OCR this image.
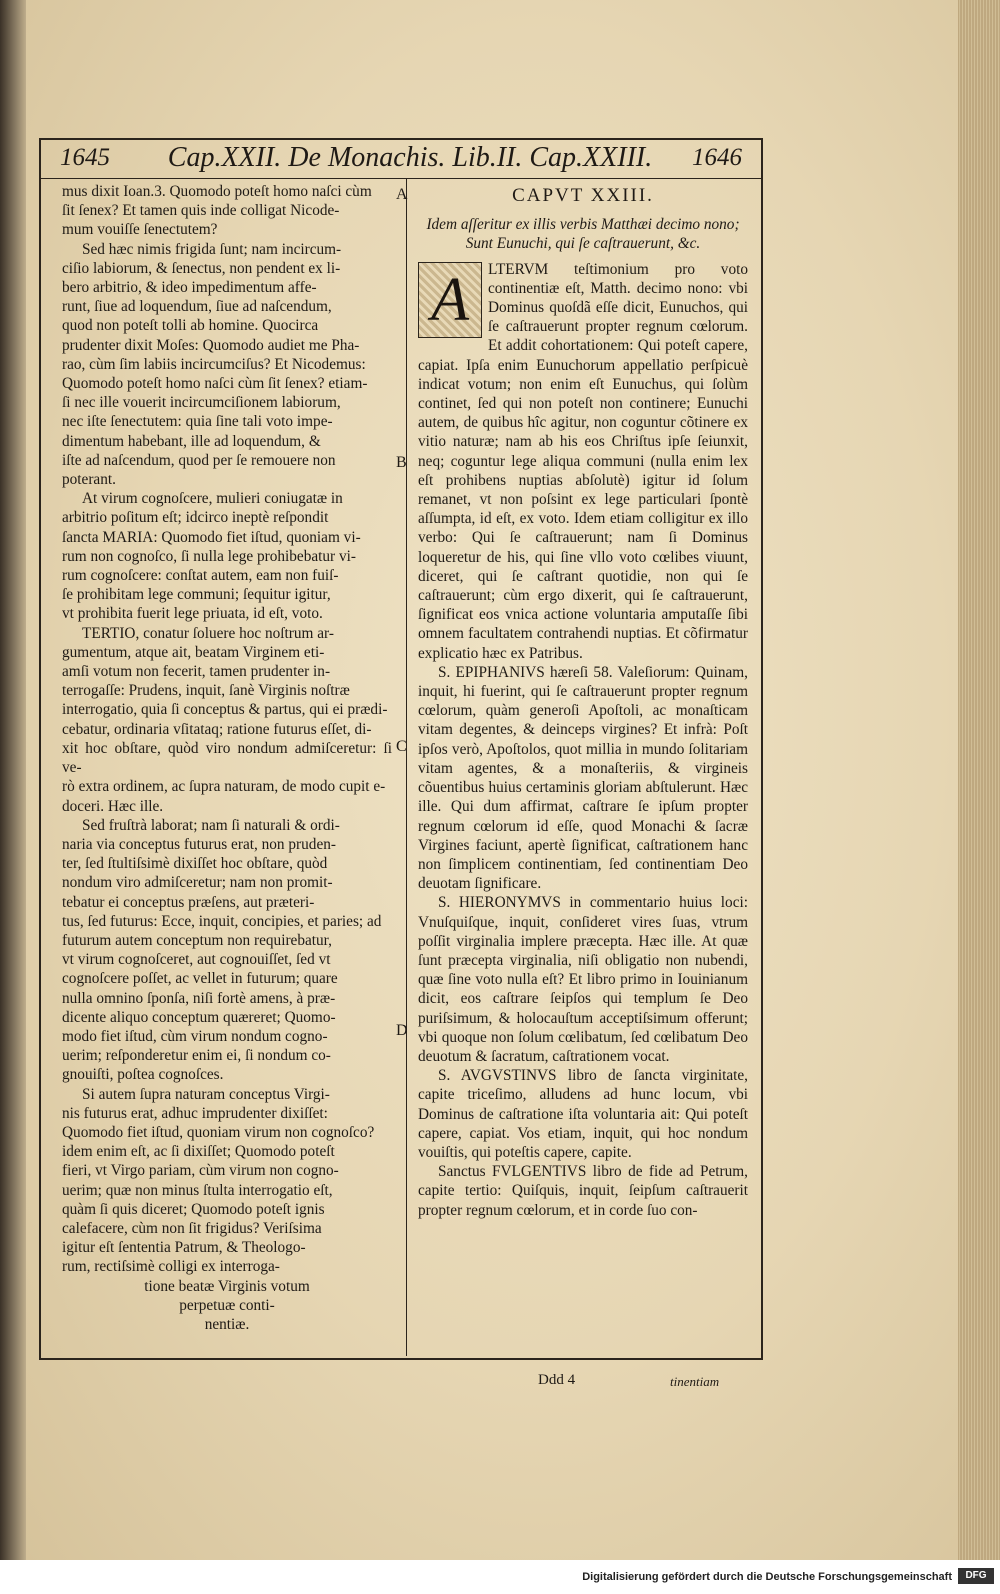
1645	Cap.XXII. De Monachis. Lib.II. Cap.XXIII.	1646

mus dixit Ioan.3. Quomodo poteſt homo naſci cùm

ſit ſenex? Et tamen quis inde colligat Nicode-

mum vouiſſe ſenectutem?

Sed hæc nimis frigida ſunt; nam incircum-

ciſio labiorum, & ſenectus, non pendent ex li-

bero arbitrio, & ideo impedimentum affe-

runt, ſiue ad loquendum, ſiue ad naſcendum,

quod non poteſt tolli ab homine. Quocirca

prudenter dixit Moſes: Quomodo audiet me Pha-

rao, cùm ſim labiis incircumciſus? Et Nicodemus:

Quomodo poteſt homo naſci cùm ſit ſenex? etiam-

ſi nec ille vouerit incircumciſionem labiorum,

nec iſte ſenectutem: quia ſine tali voto impe-

dimentum habebant, ille ad loquendum, &

iſte ad naſcendum, quod per ſe remouere non

poterant.

At virum cognoſcere, mulieri coniugatæ in

arbitrio poſitum eſt; idcirco ineptè reſpondit

ſancta MARIA: Quomodo fiet iſtud, quoniam vi-

rum non cognoſco, ſi nulla lege prohibebatur vi-

rum cognoſcere: conſtat autem, eam non fuiſ-

ſe prohibitam lege communi; ſequitur igitur,

vt prohibita fuerit lege priuata, id eſt, voto.

TERTIO, conatur ſoluere hoc noſtrum ar-

gumentum, atque ait, beatam Virginem eti-

amſi votum non fecerit, tamen prudenter in-

terrogaſſe: Prudens, inquit, ſanè Virginis noſtræ

interrogatio, quia ſi conceptus & partus, qui ei prædi-

cebatur, ordinaria vſitataq; ratione futurus eſſet, di-

xit hoc obſtare, quòd viro nondum admiſceretur: ſi ve-

rò extra ordinem, ac ſupra naturam, de modo cupit e-

doceri. Hæc ille.

Sed fruſtrà laborat; nam ſi naturali & ordi-

naria via conceptus futurus erat, non pruden-

ter, ſed ſtultiſsimè dixiſſet hoc obſtare, quòd

nondum viro admiſceretur; nam non promit-

tebatur ei conceptus præſens, aut præteri-

tus, ſed futurus: Ecce, inquit, concipies, et paries; ad

futurum autem conceptum non requirebatur,

vt virum cognoſceret, aut cognouiſſet, ſed vt

cognoſcere poſſet, ac vellet in futurum; quare

nulla omnino ſponſa, niſi fortè amens, à præ-

dicente aliquo conceptum quæreret; Quomo-

modo fiet iſtud, cùm virum nondum cogno-

uerim; reſponderetur enim ei, ſi nondum co-

gnouiſti, poſtea cognoſces.

Si autem ſupra naturam conceptus Virgi-

nis futurus erat, adhuc imprudenter dixiſſet:

Quomodo fiet iſtud, quoniam virum non cognoſco?

idem enim eſt, ac ſi dixiſſet; Quomodo poteſt

fieri, vt Virgo pariam, cùm virum non cogno-

uerim; quæ non minus ſtulta interrogatio eſt,

quàm ſi quis diceret; Quomodo poteſt ignis

calefacere, cùm non ſit frigidus? Veriſsima

igitur eſt ſententia Patrum, & Theologo-

rum, rectiſsimè colligi ex interroga-

tione beatæ Virginis votum

perpetuæ conti-

nentiæ.

A
B
C
D

CAPVT XXIII.

Idem aſſeritur ex illis verbis Matthæi decimo nono; Sunt Eunuchi, qui ſe caſtrauerunt, &c.

A	LTERVM teſtimonium pro voto continentiæ eſt, Matth. decimo nono: vbi Dominus quoſdã eſſe dicit, Eunuchos, qui ſe caſtrauerunt propter regnum cœlorum. Et addit cohortationem: Qui poteſt capere, capiat. Ipſa enim Eunuchorum appellatio perſpicuè indicat votum; non enim eſt Eunuchus, qui ſolùm continet, ſed qui non poteſt non continere; Eunuchi autem, de quibus hîc agitur, non coguntur cõtinere ex vitio naturæ; nam ab his eos Chriſtus ipſe ſeiunxit, neq; coguntur lege aliqua communi (nulla enim lex eſt prohibens nuptias abſolutè) igitur id ſolum remanet, vt non poſsint ex lege particulari ſpontè aſſumpta, id eſt, ex voto. Idem etiam colligitur ex illo verbo: Qui ſe caſtrauerunt; nam ſi Dominus loqueretur de his, qui ſine vllo voto cœlibes viuunt, diceret, qui ſe caſtrant quotidie, non qui ſe caſtrauerunt; cùm ergo dixerit, qui ſe caſtrauerunt, ſignificat eos vnica actione voluntaria amputaſſe ſibi omnem facultatem contrahendi nuptias. Et cõfirmatur explicatio hæc ex Patribus.

S. EPIPHANIVS hæreſi 58. Valeſiorum: Quinam, inquit, hi fuerint, qui ſe caſtrauerunt propter regnum cœlorum, quàm generoſi Apoſtoli, ac monaſticam vitam degentes, & deinceps virgines? Et infrà: Poſt ipſos verò, Apoſtolos, quot millia in mundo ſolitariam vitam agentes, & a monaſteriis, & virgineis cõuentibus huius certaminis gloriam abſtulerunt. Hæc ille. Qui dum affirmat, caſtrare ſe ipſum propter regnum cœlorum id eſſe, quod Monachi & ſacræ Virgines faciunt, apertè ſignificat, caſtrationem hanc non ſimplicem continentiam, ſed continentiam Deo deuotam ſignificare.

S. HIERONYMVS in commentario huius loci: Vnuſquiſque, inquit, conſideret vires ſuas, vtrum poſſit virginalia implere præcepta. Hæc ille. At quæ ſunt præcepta virginalia, niſi obligatio non nubendi, quæ ſine voto nulla eſt? Et libro primo in Iouinianum dicit, eos caſtrare ſeipſos qui templum ſe Deo puriſsimum, & holocauſtum acceptiſsimum offerunt; vbi quoque non ſolum cœlibatum, ſed cœlibatum Deo deuotum & ſacratum, caſtrationem vocat.

S. AVGVSTINVS libro de ſancta virginitate, capite triceſimo, alludens ad hunc locum, vbi Dominus de caſtratione iſta voluntaria ait: Qui poteſt capere, capiat. Vos etiam, inquit, qui hoc nondum vouiſtis, qui poteſtis capere, capite.

Sanctus FVLGENTIVS libro de fide ad Petrum, capite tertio: Quiſquis, inquit, ſeipſum caſtrauerit propter regnum cœlorum, et in corde ſuo con-

Ddd 4	tinentiam
Digitalisierung gefördert durch die Deutsche Forschungsgemeinschaft	DFG
